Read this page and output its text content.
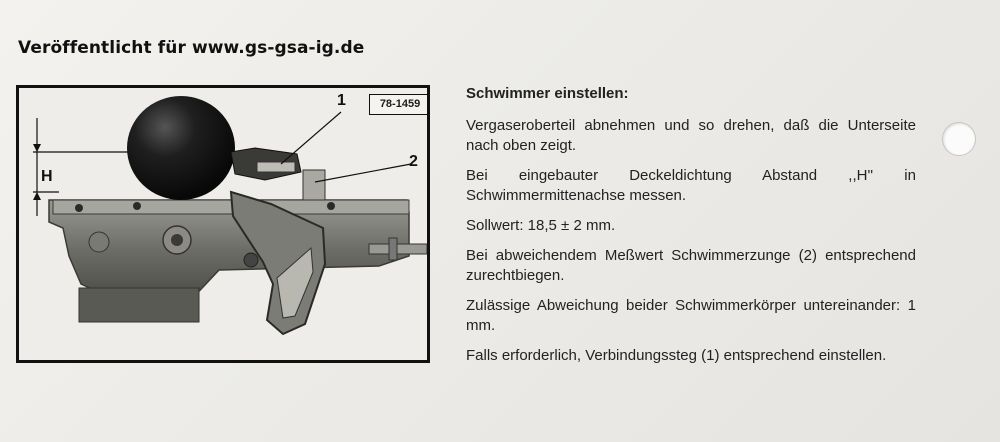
Veröffentlicht für www.gs-gsa-ig.de
78-1459
1
2
H
Schwimmer einstellen:

Vergaseroberteil abnehmen und so drehen, daß die Unterseite nach oben zeigt.

Bei eingebauter Deckeldichtung Abstand ,,H'' in Schwimmermittenachse messen.

Sollwert: 18,5 ± 2 mm.

Bei abweichendem Meßwert Schwimmerzunge (2) entsprechend zurechtbiegen.

Zulässige Abweichung beider Schwimmerkörper untereinander: 1 mm.

Falls erforderlich, Verbindungssteg (1) entsprechend einstellen.
